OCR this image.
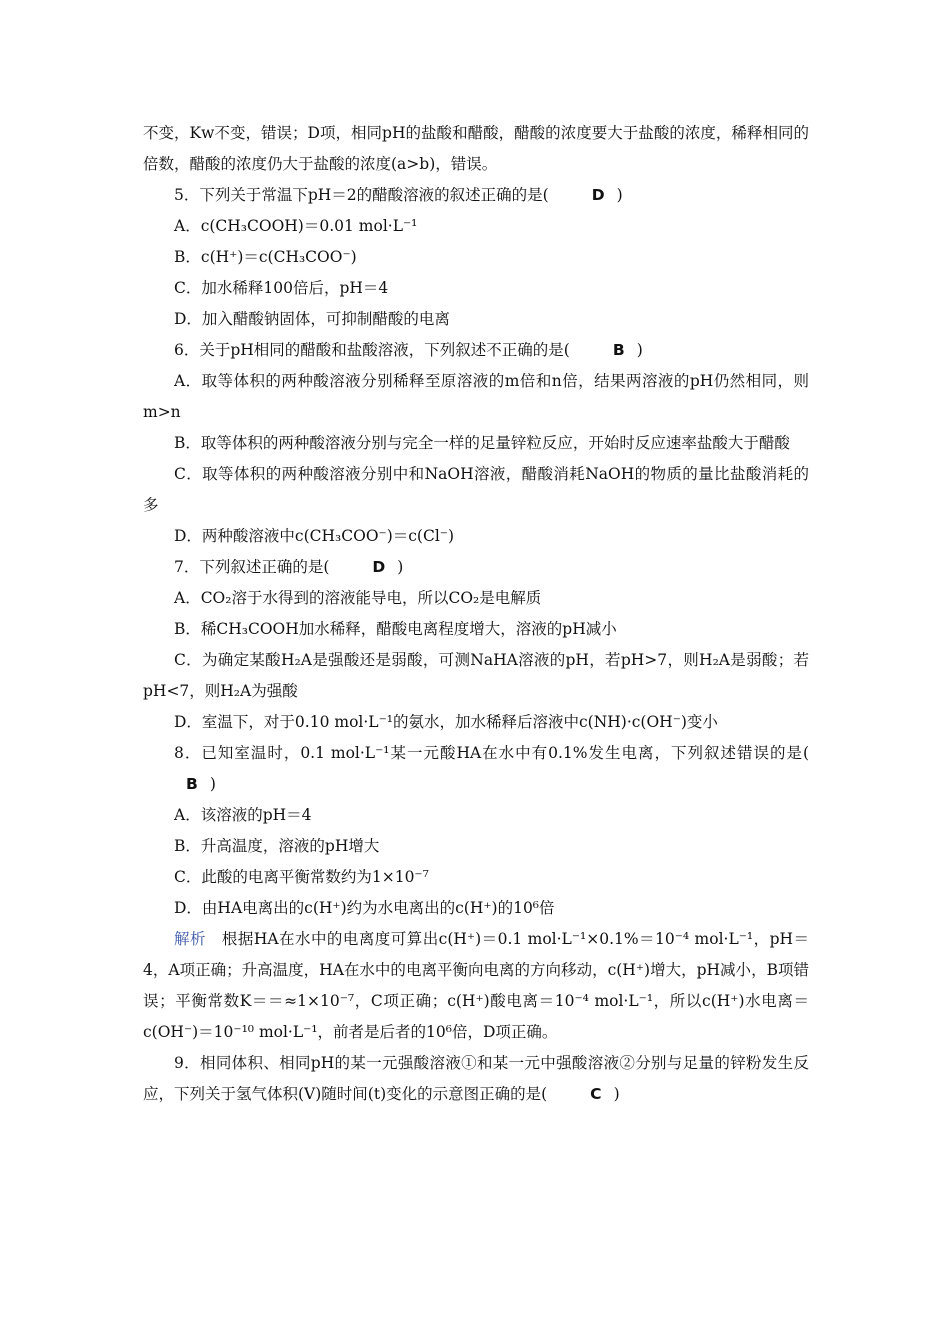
不变，Kw不变，错误；D项，相同pH的盐酸和醋酸，醋酸的浓度要大于盐酸的浓度，稀释相同的倍数，醋酸的浓度仍大于盐酸的浓度(a>b)，错误。

5．下列关于常温下pH＝2的醋酸溶液的叙述正确的是(	D )

A．c(CH₃COOH)＝0.01 mol·L⁻¹

B．c(H⁺)＝c(CH₃COO⁻)

C．加水稀释100倍后，pH＝4

D．加入醋酸钠固体，可抑制醋酸的电离

6．关于pH相同的醋酸和盐酸溶液，下列叙述不正确的是(	B )

A．取等体积的两种酸溶液分别稀释至原溶液的m倍和n倍，结果两溶液的pH仍然相同，则m>n

B．取等体积的两种酸溶液分别与完全一样的足量锌粒反应，开始时反应速率盐酸大于醋酸

C．取等体积的两种酸溶液分别中和NaOH溶液，醋酸消耗NaOH的物质的量比盐酸消耗的多

D．两种酸溶液中c(CH₃COO⁻)＝c(Cl⁻)

7．下列叙述正确的是(	D )

A．CO₂溶于水得到的溶液能导电，所以CO₂是电解质

B．稀CH₃COOH加水稀释，醋酸电离程度增大，溶液的pH减小

C．为确定某酸H₂A是强酸还是弱酸，可测NaHA溶液的pH，若pH>7，则H₂A是弱酸；若pH<7，则H₂A为强酸

D．室温下，对于0.10 mol·L⁻¹的氨水，加水稀释后溶液中c(NH)·c(OH⁻)变小

8．已知室温时，0.1 mol·L⁻¹某一元酸HA在水中有0.1%发生电离，下列叙述错误的是(B )

A．该溶液的pH＝4

B．升高温度，溶液的pH增大

C．此酸的电离平衡常数约为1×10⁻⁷

D．由HA电离出的c(H⁺)约为水电离出的c(H⁺)的10⁶倍

解析  根据HA在水中的电离度可算出c(H⁺)＝0.1 mol·L⁻¹×0.1%＝10⁻⁴ mol·L⁻¹，pH＝4，A项正确；升高温度，HA在水中的电离平衡向电离的方向移动，c(H⁺)增大，pH减小，B项错误；平衡常数K＝＝≈1×10⁻⁷，C项正确；c(H⁺)酸电离＝10⁻⁴ mol·L⁻¹，所以c(H⁺)水电离＝c(OH⁻)＝10⁻¹⁰ mol·L⁻¹，前者是后者的10⁶倍，D项正确。

9．相同体积、相同pH的某一元强酸溶液①和某一元中强酸溶液②分别与足量的锌粉发生反应，下列关于氢气体积(V)随时间(t)变化的示意图正确的是(	C )
